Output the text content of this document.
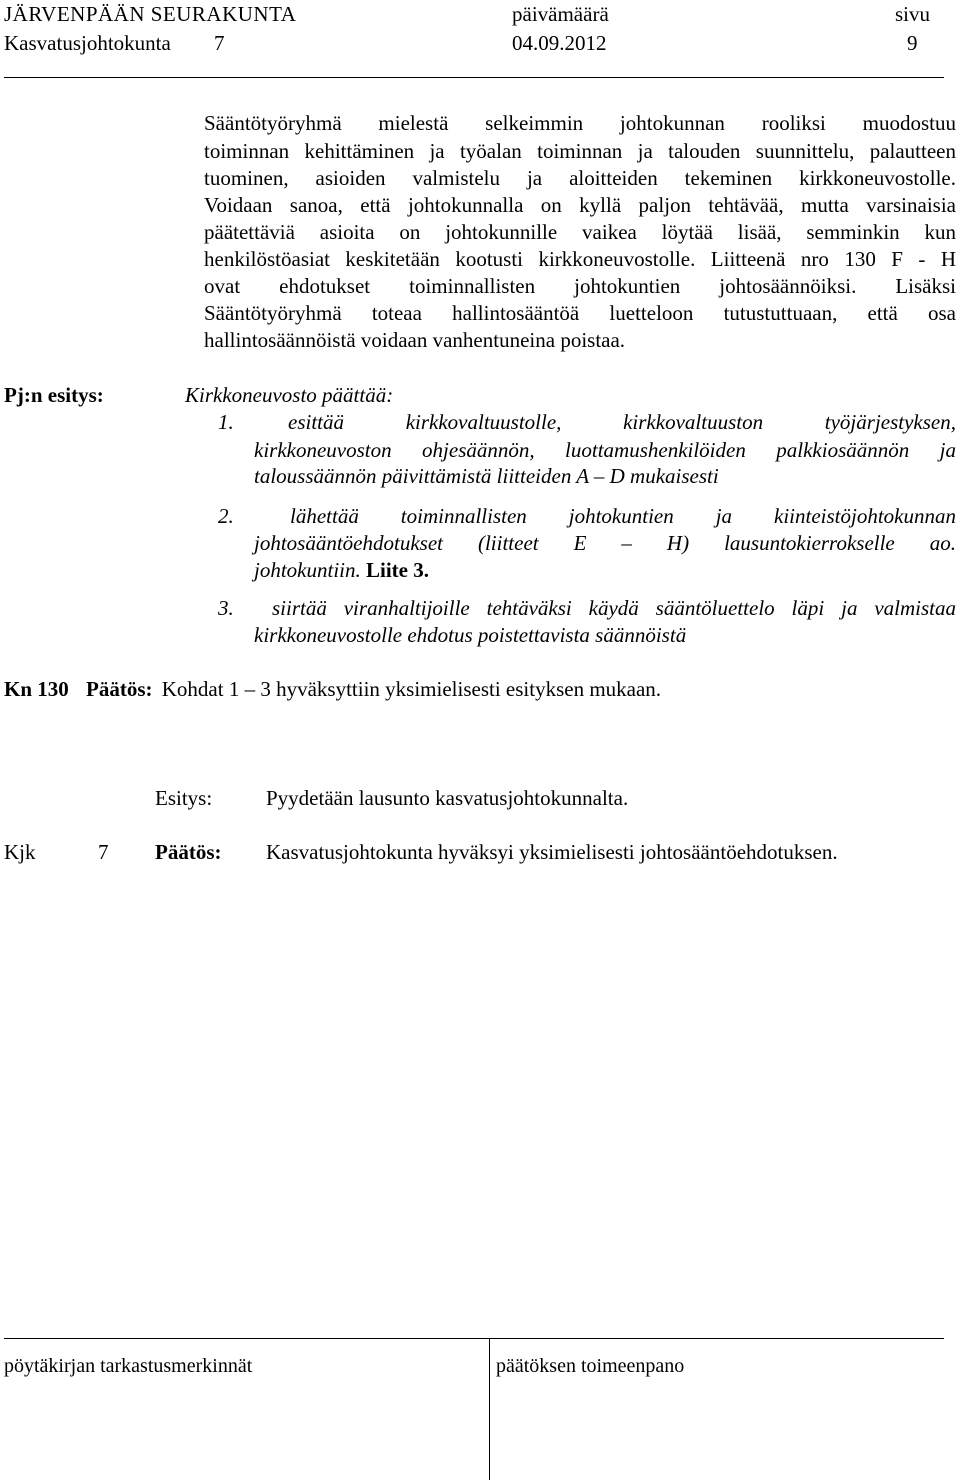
JÄRVENPÄÄN SEURAKUNTA	päivämäärä	sivu
Kasvatusjohtokunta 7	04.09.2012	9
Sääntötyöryhmä mielestä selkeimmin johtokunnan rooliksi muodostuu
toiminnan kehittäminen ja työalan toiminnan ja talouden suunnittelu, palautteen
tuominen, asioiden valmistelu ja aloitteiden tekeminen kirkkoneuvostolle.
Voidaan sanoa, että johtokunnalla on kyllä paljon tehtävää, mutta varsinaisia
päätettäviä asioita on johtokunnille vaikea löytää lisää, semminkin kun
henkilöstöasiat keskitetään kootusti kirkkoneuvostolle. Liitteenä nro 130 F - H
ovat ehdotukset toiminnallisten johtokuntien johtosäännöiksi. Lisäksi
Sääntötyöryhmä toteaa hallintosääntöä luetteloon tutustuttuaan, että osa
hallintosäännöistä voidaan vanhentuneina poistaa.
Pj:n esitys:	Kirkkoneuvosto päättää:
1.	esittää kirkkovaltuustolle, kirkkovaltuuston työjärjestyksen,
kirkkoneuvoston ohjesäännön, luottamushenkilöiden palkkiosäännön ja
taloussäännön päivittämistä liitteiden A – D mukaisesti
2.	lähettää toiminnallisten johtokuntien ja kiinteistöjohtokunnan
johtosääntöehdotukset (liitteet E – H) lausuntokierrokselle ao.
johtokuntiin. Liite 3.
3. siirtää viranhaltijoille tehtäväksi käydä sääntöluettelo läpi ja valmistaa
kirkkoneuvostolle ehdotus poistettavista säännöistä
Kn 130 Päätös: Kohdat 1 – 3 hyväksyttiin yksimielisesti esityksen mukaan.
Esitys:	Pyydetään lausunto kasvatusjohtokunnalta.
Kjk	7 Päätös: Kasvatusjohtokunta hyväksyi yksimielisesti johtosääntöehdotuksen.
pöytäkirjan tarkastusmerkinnät	päätöksen toimeenpano
